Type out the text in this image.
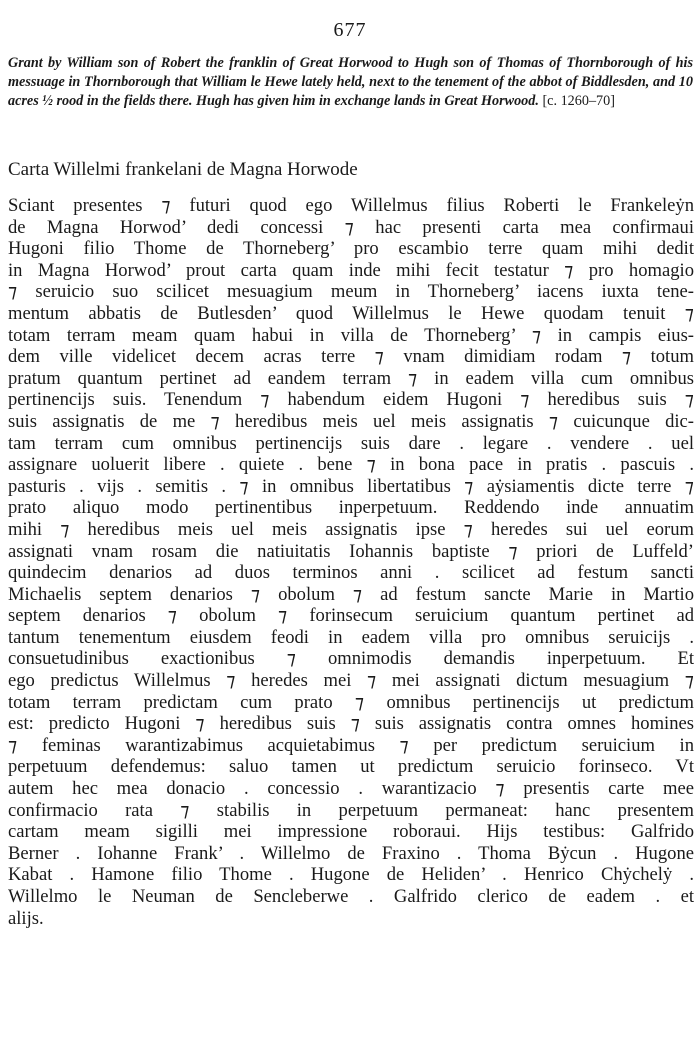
677
Grant by William son of Robert the franklin of Great Horwood to Hugh son of Thomas of Thornborough of his messuage in Thornborough that William le Hewe lately held, next to the tenement of the abbot of Biddlesden, and 10 acres ½ rood in the fields there. Hugh has given him in exchange lands in Great Horwood. [c. 1260–70]
Carta Willelmi frankelani de Magna Horwode
Sciant presentes ⁊ futuri quod ego Willelmus filius Roberti le Frankeleẏn
de Magna Horwod’ dedi concessi ⁊ hac presenti carta mea confirmaui
Hugoni filio Thome de Thorneberg’ pro escambio terre quam mihi dedit
in Magna Horwod’ prout carta quam inde mihi fecit testatur ⁊ pro homagio
⁊ seruicio suo scilicet mesuagium meum in Thorneberg’ iacens iuxta tene-
mentum abbatis de Butlesden’ quod Willelmus le Hewe quodam tenuit ⁊
totam terram meam quam habui in villa de Thorneberg’ ⁊ in campis eius-
dem ville videlicet decem acras terre ⁊ vnam dimidiam rodam ⁊ totum
pratum quantum pertinet ad eandem terram ⁊ in eadem villa cum omnibus
pertinencijs suis. Tenendum ⁊ habendum eidem Hugoni ⁊ heredibus suis ⁊
suis assignatis de me ⁊ heredibus meis uel meis assignatis ⁊ cuicunque dic-
tam terram cum omnibus pertinencijs suis dare . legare . vendere . uel
assignare uoluerit libere . quiete . bene ⁊ in bona pace in pratis . pascuis .
pasturis . vijs . semitis . ⁊ in omnibus libertatibus ⁊ aẏsiamentis dicte terre ⁊
prato aliquo modo pertinentibus inperpetuum. Reddendo inde annuatim
mihi ⁊ heredibus meis uel meis assignatis ipse ⁊ heredes sui uel eorum
assignati vnam rosam die natiuitatis Iohannis baptiste ⁊ priori de Luffeld’
quindecim denarios ad duos terminos anni . scilicet ad festum sancti
Michaelis septem denarios ⁊ obolum ⁊ ad festum sancte Marie in Martio
septem denarios ⁊ obolum ⁊ forinsecum seruicium quantum pertinet ad
tantum tenementum eiusdem feodi in eadem villa pro omnibus seruicijs .
consuetudinibus exactionibus ⁊ omnimodis demandis inperpetuum. Et
ego predictus Willelmus ⁊ heredes mei ⁊ mei assignati dictum mesuagium ⁊
totam terram predictam cum prato ⁊ omnibus pertinencijs ut predictum
est: predicto Hugoni ⁊ heredibus suis ⁊ suis assignatis contra omnes homines
⁊ feminas warantizabimus acquietabimus ⁊ per predictum seruicium in
perpetuum defendemus: saluo tamen ut predictum seruicio forinseco. Vt
autem hec mea donacio . concessio . warantizacio ⁊ presentis carte mee
confirmacio rata ⁊ stabilis in perpetuum permaneat: hanc presentem
cartam meam sigilli mei impressione roboraui. Hijs testibus: Galfrido
Berner . Iohanne Frank’ . Willelmo de Fraxino . Thoma Bẏcun . Hugone
Kabat . Hamone filio Thome . Hugone de Heliden’ . Henrico Chẏchelẏ .
Willelmo le Neuman de Sencleberwe . Galfrido clerico de eadem . et
alijs.
